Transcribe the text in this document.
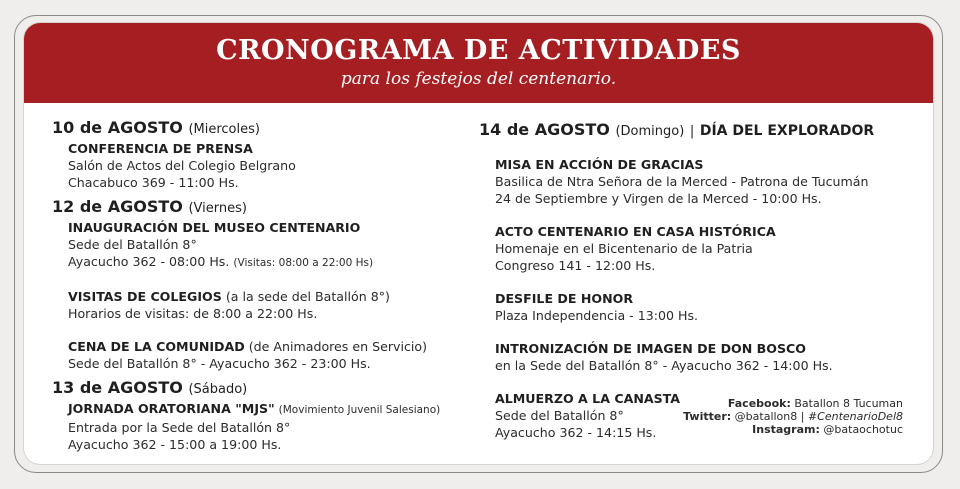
CRONOGRAMA DE ACTIVIDADES
para los festejos del centenario.
10 de AGOSTO (Miercoles)
CONFERENCIA DE PRENSA
Salón de Actos del Colegio Belgrano
Chacabuco 369 - 11:00 Hs.
12 de AGOSTO (Viernes)
INAUGURACIÓN DEL MUSEO CENTENARIO
Sede del Batallón 8°
Ayacucho 362 - 08:00 Hs. (Visitas: 08:00 a 22:00 Hs)
VISITAS DE COLEGIOS (a la sede del Batallón 8°)
Horarios de visitas: de 8:00 a 22:00 Hs.
CENA DE LA COMUNIDAD (de Animadores en Servicio)
Sede del Batallón 8° - Ayacucho 362 - 23:00 Hs.
13 de AGOSTO (Sábado)
JORNADA ORATORIANA "MJS" (Movimiento Juvenil Salesiano)
Entrada por la Sede del Batallón 8°
Ayacucho 362 - 15:00 a 19:00 Hs.
14 de AGOSTO (Domingo) | DÍA DEL EXPLORADOR
MISA EN ACCIÓN DE GRACIAS
Basilica de Ntra Señora de la Merced - Patrona de Tucumán
24 de Septiembre y Virgen de la Merced - 10:00 Hs.
ACTO CENTENARIO EN CASA HISTÓRICA
Homenaje en el Bicentenario de la Patria
Congreso 141 - 12:00 Hs.
DESFILE DE HONOR
Plaza Independencia - 13:00 Hs.
INTRONIZACIÓN DE IMAGEN DE DON BOSCO
en la Sede del Batallón 8° - Ayacucho 362 - 14:00 Hs.
ALMUERZO A LA CANASTA
Sede del Batallón 8°
Ayacucho 362 - 14:15 Hs.
Facebook: Batallon 8 Tucuman
Twitter: @batallon8 | #CentenarioDel8
Instagram: @bataochotuc
